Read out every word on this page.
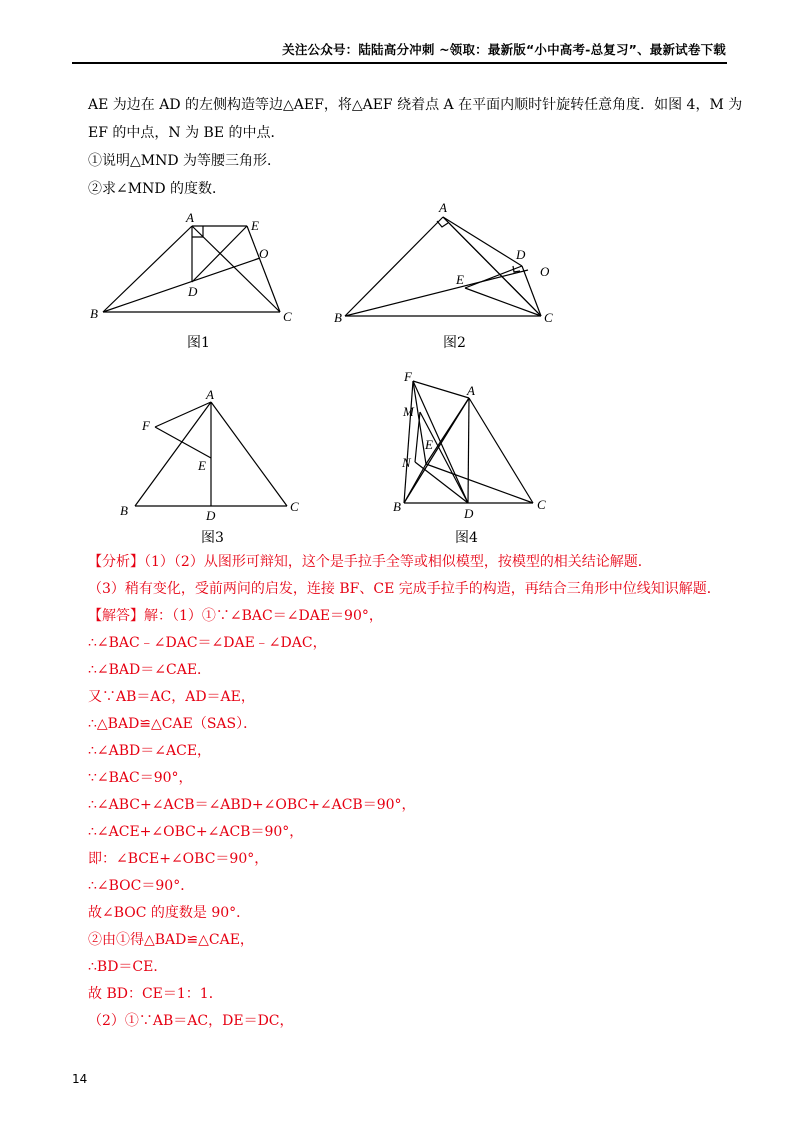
关注公众号：陆陆高分冲刺 ~领取：最新版“小中高考-总复习”、最新试卷下载
AE 为边在 AD 的左侧构造等边△AEF，将△AEF 绕着点 A 在平面内顺时针旋转任意角度．如图 4，M 为
EF 的中点，N 为 BE 的中点．
①说明△MND 为等腰三角形．
②求∠MND 的度数．
A
E
O
D
B	C
图1
A
D
O
E
B	C
图2
A
F
E
B	D
C
图3
F
A
M
E
N
B	D
C
图4
【分析】（1）（2）从图形可辩知，这个是手拉手全等或相似模型，按模型的相关结论解题．
（3）稍有变化，受前两问的启发，连接 BF、CE 完成手拉手的构造，再结合三角形中位线知识解题．
【解答】解：（1）①∵∠BAC＝∠DAE＝90°，
∴∠BAC﹣∠DAC＝∠DAE﹣∠DAC，
∴∠BAD＝∠CAE．
又∵AB＝AC，AD＝AE，
∴△BAD≌△CAE（SAS）．
∴∠ABD＝∠ACE，
∵∠BAC＝90°，
∴∠ABC+∠ACB＝∠ABD+∠OBC+∠ACB＝90°，
∴∠ACE+∠OBC+∠ACB＝90°，
即：∠BCE+∠OBC＝90°，
∴∠BOC＝90°．
故∠BOC 的度数是 90°．
②由①得△BAD≌△CAE，
∴BD＝CE．
故 BD：CE＝1：1．
（2）①∵AB＝AC，DE＝DC，
14
